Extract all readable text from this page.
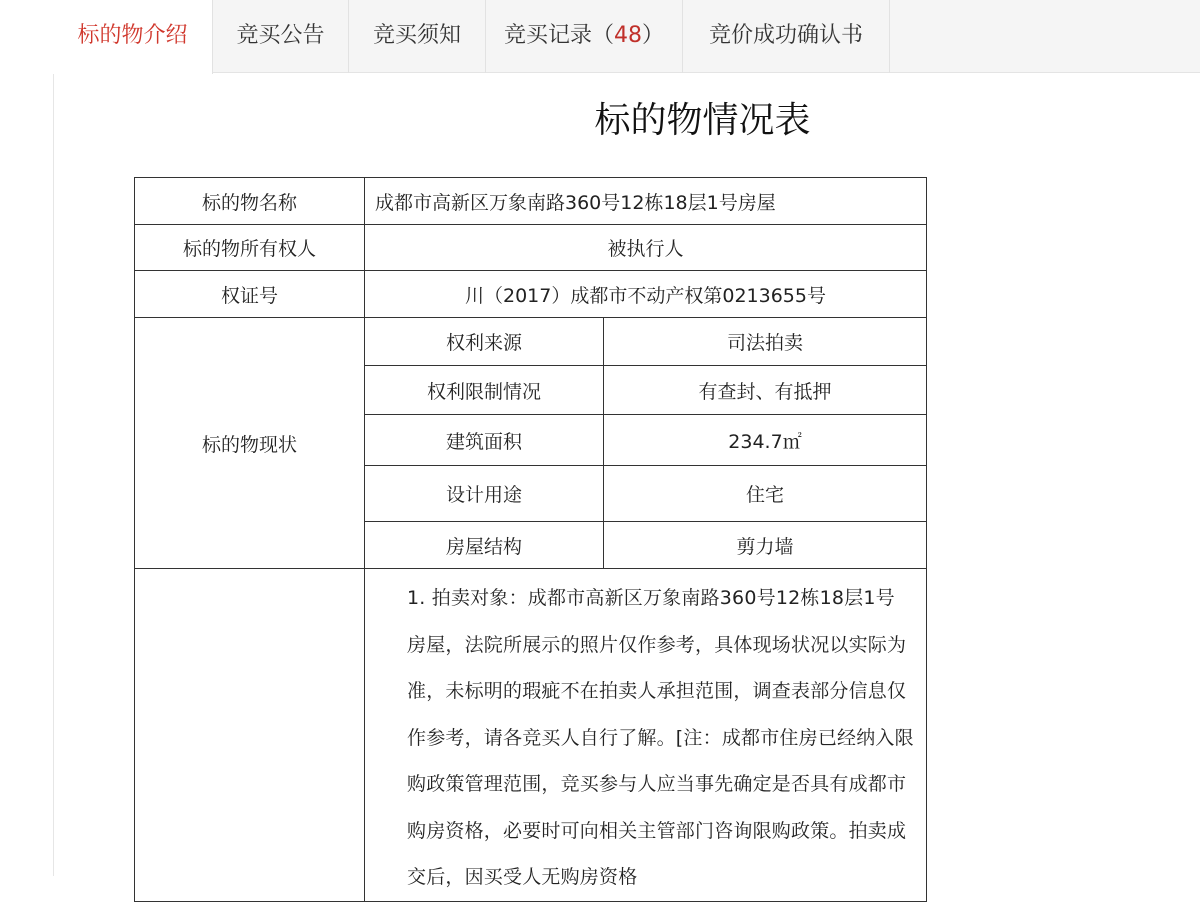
标的物介绍	竞买公告	竞买须知	竞买记录（48）	竞价成功确认书
标的物情况表
标的物名称	成都市高新区万象南路360号12栋18层1号房屋	
标的物所有权人	被执行人	
权证号	川（2017）成都市不动产权第0213655号	
标的物现状	权利来源	司法拍卖
	权利限制情况	有查封、有抵押
	建筑面积	234.7㎡
	设计用途	住宅
	房屋结构	剪力墙

	1. 拍卖对象：成都市高新区万象南路360号12栋18层1号房屋，法院所展示的照片仅作参考，具体现场状况以实际为准，未标明的瑕疵不在拍卖人承担范围，调查表部分信息仅作参考，请各竞买人自行了解。[注：成都市住房已经纳入限购政策管理范围，竞买参与人应当事先确定是否具有成都市购房资格，必要时可向相关主管部门咨询限购政策。拍卖成交后，因买受人无购房资格	
